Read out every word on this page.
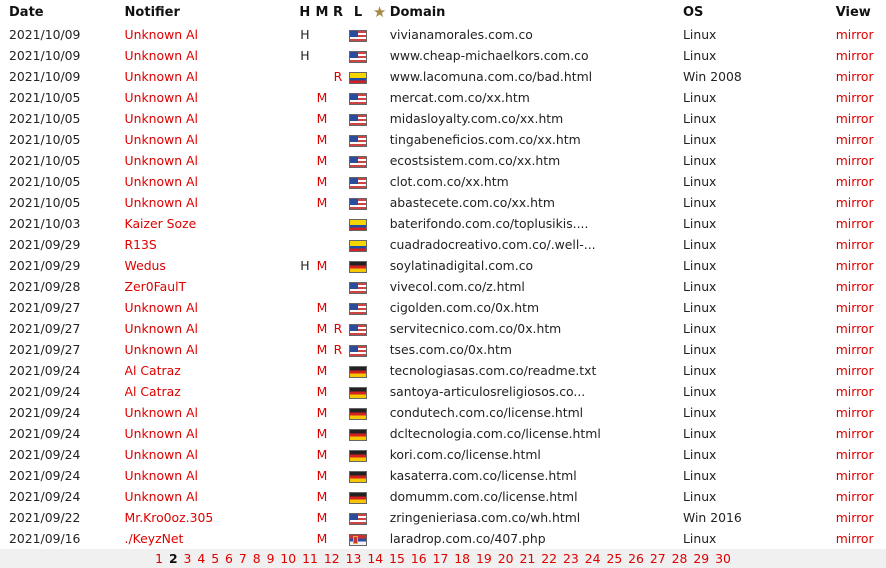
Date	Notifier	H	M	R	L	★	Domain	OS	View
2021/10/09	Unknown Al	H					vivianamorales.com.co	Linux	mirror
2021/10/09	Unknown Al	H					www.cheap-michaelkors.com.co	Linux	mirror
2021/10/09	Unknown Al			R			www.lacomuna.com.co/bad.html	Win 2008	mirror
2021/10/05	Unknown Al		M				mercat.com.co/xx.htm	Linux	mirror
2021/10/05	Unknown Al		M				midasloyalty.com.co/xx.htm	Linux	mirror
2021/10/05	Unknown Al		M				tingabeneficios.com.co/xx.htm	Linux	mirror
2021/10/05	Unknown Al		M				ecostsistem.com.co/xx.htm	Linux	mirror
2021/10/05	Unknown Al		M				clot.com.co/xx.htm	Linux	mirror
2021/10/05	Unknown Al		M				abastecete.com.co/xx.htm	Linux	mirror
2021/10/03	Kaizer Soze						baterifondo.com.co/toplusikis....	Linux	mirror
2021/09/29	R13S						cuadradocreativo.com.co/.well-...	Linux	mirror
2021/09/29	Wedus	H	M				soylatinadigital.com.co	Linux	mirror
2021/09/28	Zer0FaulT						vivecol.com.co/z.html	Linux	mirror
2021/09/27	Unknown Al		M				cigolden.com.co/0x.htm	Linux	mirror
2021/09/27	Unknown Al		M	R			servitecnico.com.co/0x.htm	Linux	mirror
2021/09/27	Unknown Al		M	R			tses.com.co/0x.htm	Linux	mirror
2021/09/24	Al Catraz		M				tecnologiasas.com.co/readme.txt	Linux	mirror
2021/09/24	Al Catraz		M				santoya-articulosreligiosos.co...	Linux	mirror
2021/09/24	Unknown Al		M				condutech.com.co/license.html	Linux	mirror
2021/09/24	Unknown Al		M				dcltecnologia.com.co/license.html	Linux	mirror
2021/09/24	Unknown Al		M				kori.com.co/license.html	Linux	mirror
2021/09/24	Unknown Al		M				kasaterra.com.co/license.html	Linux	mirror
2021/09/24	Unknown Al		M				domumm.com.co/license.html	Linux	mirror
2021/09/22	Mr.Kro0oz.305		M				zringenieriasa.com.co/wh.html	Win 2016	mirror
2021/09/16	./KeyzNet		M				laradrop.com.co/407.php	Linux	mirror
1 2 3 4 5 6 7 8 9 10 11 12 13 14 15 16 17 18 19 20 21 22 23 24 25 26 27 28 29 30									
